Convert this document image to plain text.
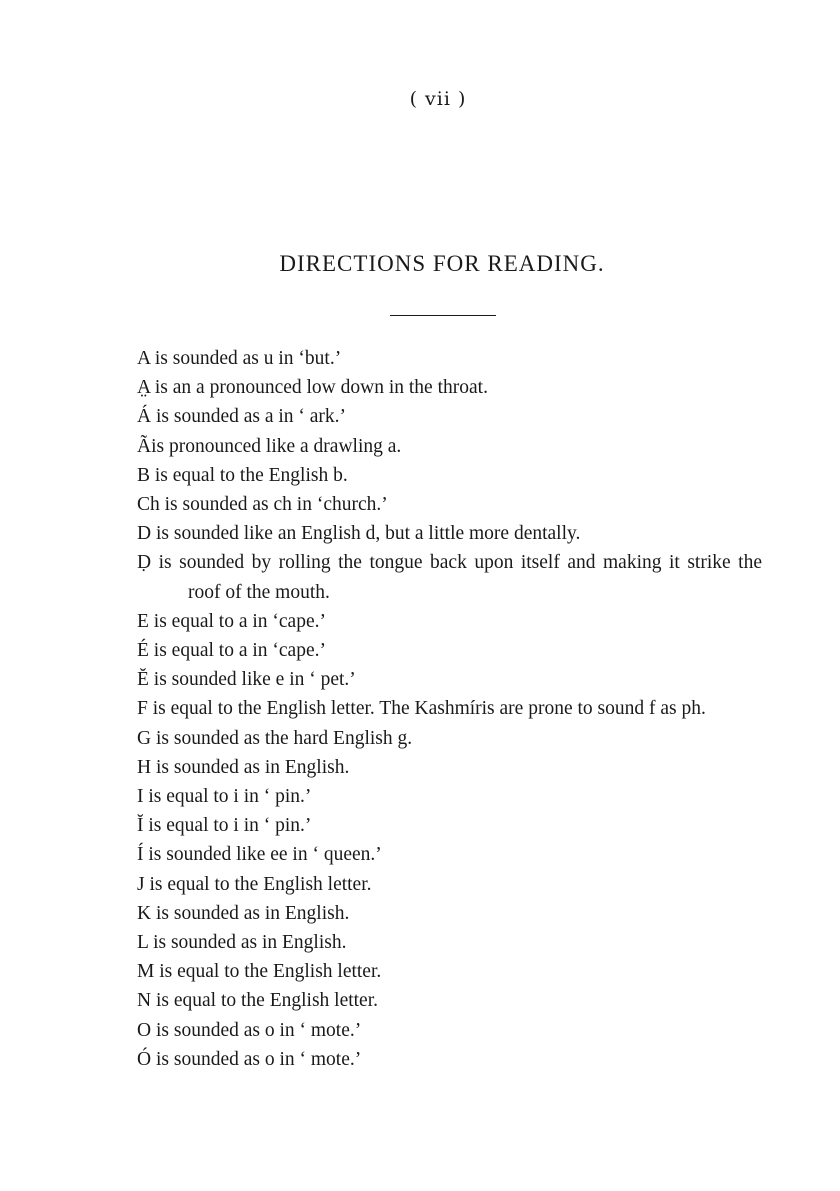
( vii )
DIRECTIONS FOR READING.

A is sounded as u in ‘but.’

A̤ is an a pronounced low down in the throat.

Á is sounded as a in ‘ ark.’

Ãis pronounced like a drawling a.

B is equal to the English b.

Ch is sounded as ch in ‘church.’

D is sounded like an English d, but a little more dentally.

Ḍ is sounded by rolling the tongue back upon itself and making it strike the roof of the mouth.

E is equal to a in ‘cape.’

É is equal to a in ‘cape.’

Ĕ is sounded like e in ‘ pet.’

F is equal to the English letter. The Kashmíris are prone to sound f as ph.

G is sounded as the hard English g.

H is sounded as in English.

I is equal to i in ‘ pin.’

Ĭ is equal to i in ‘ pin.’

Í is sounded like ee in ‘ queen.’

J is equal to the English letter.

K is sounded as in English.

L is sounded as in English.

M is equal to the English letter.

N is equal to the English letter.

O is sounded as o in ‘ mote.’

Ó is sounded as o in ‘ mote.’
